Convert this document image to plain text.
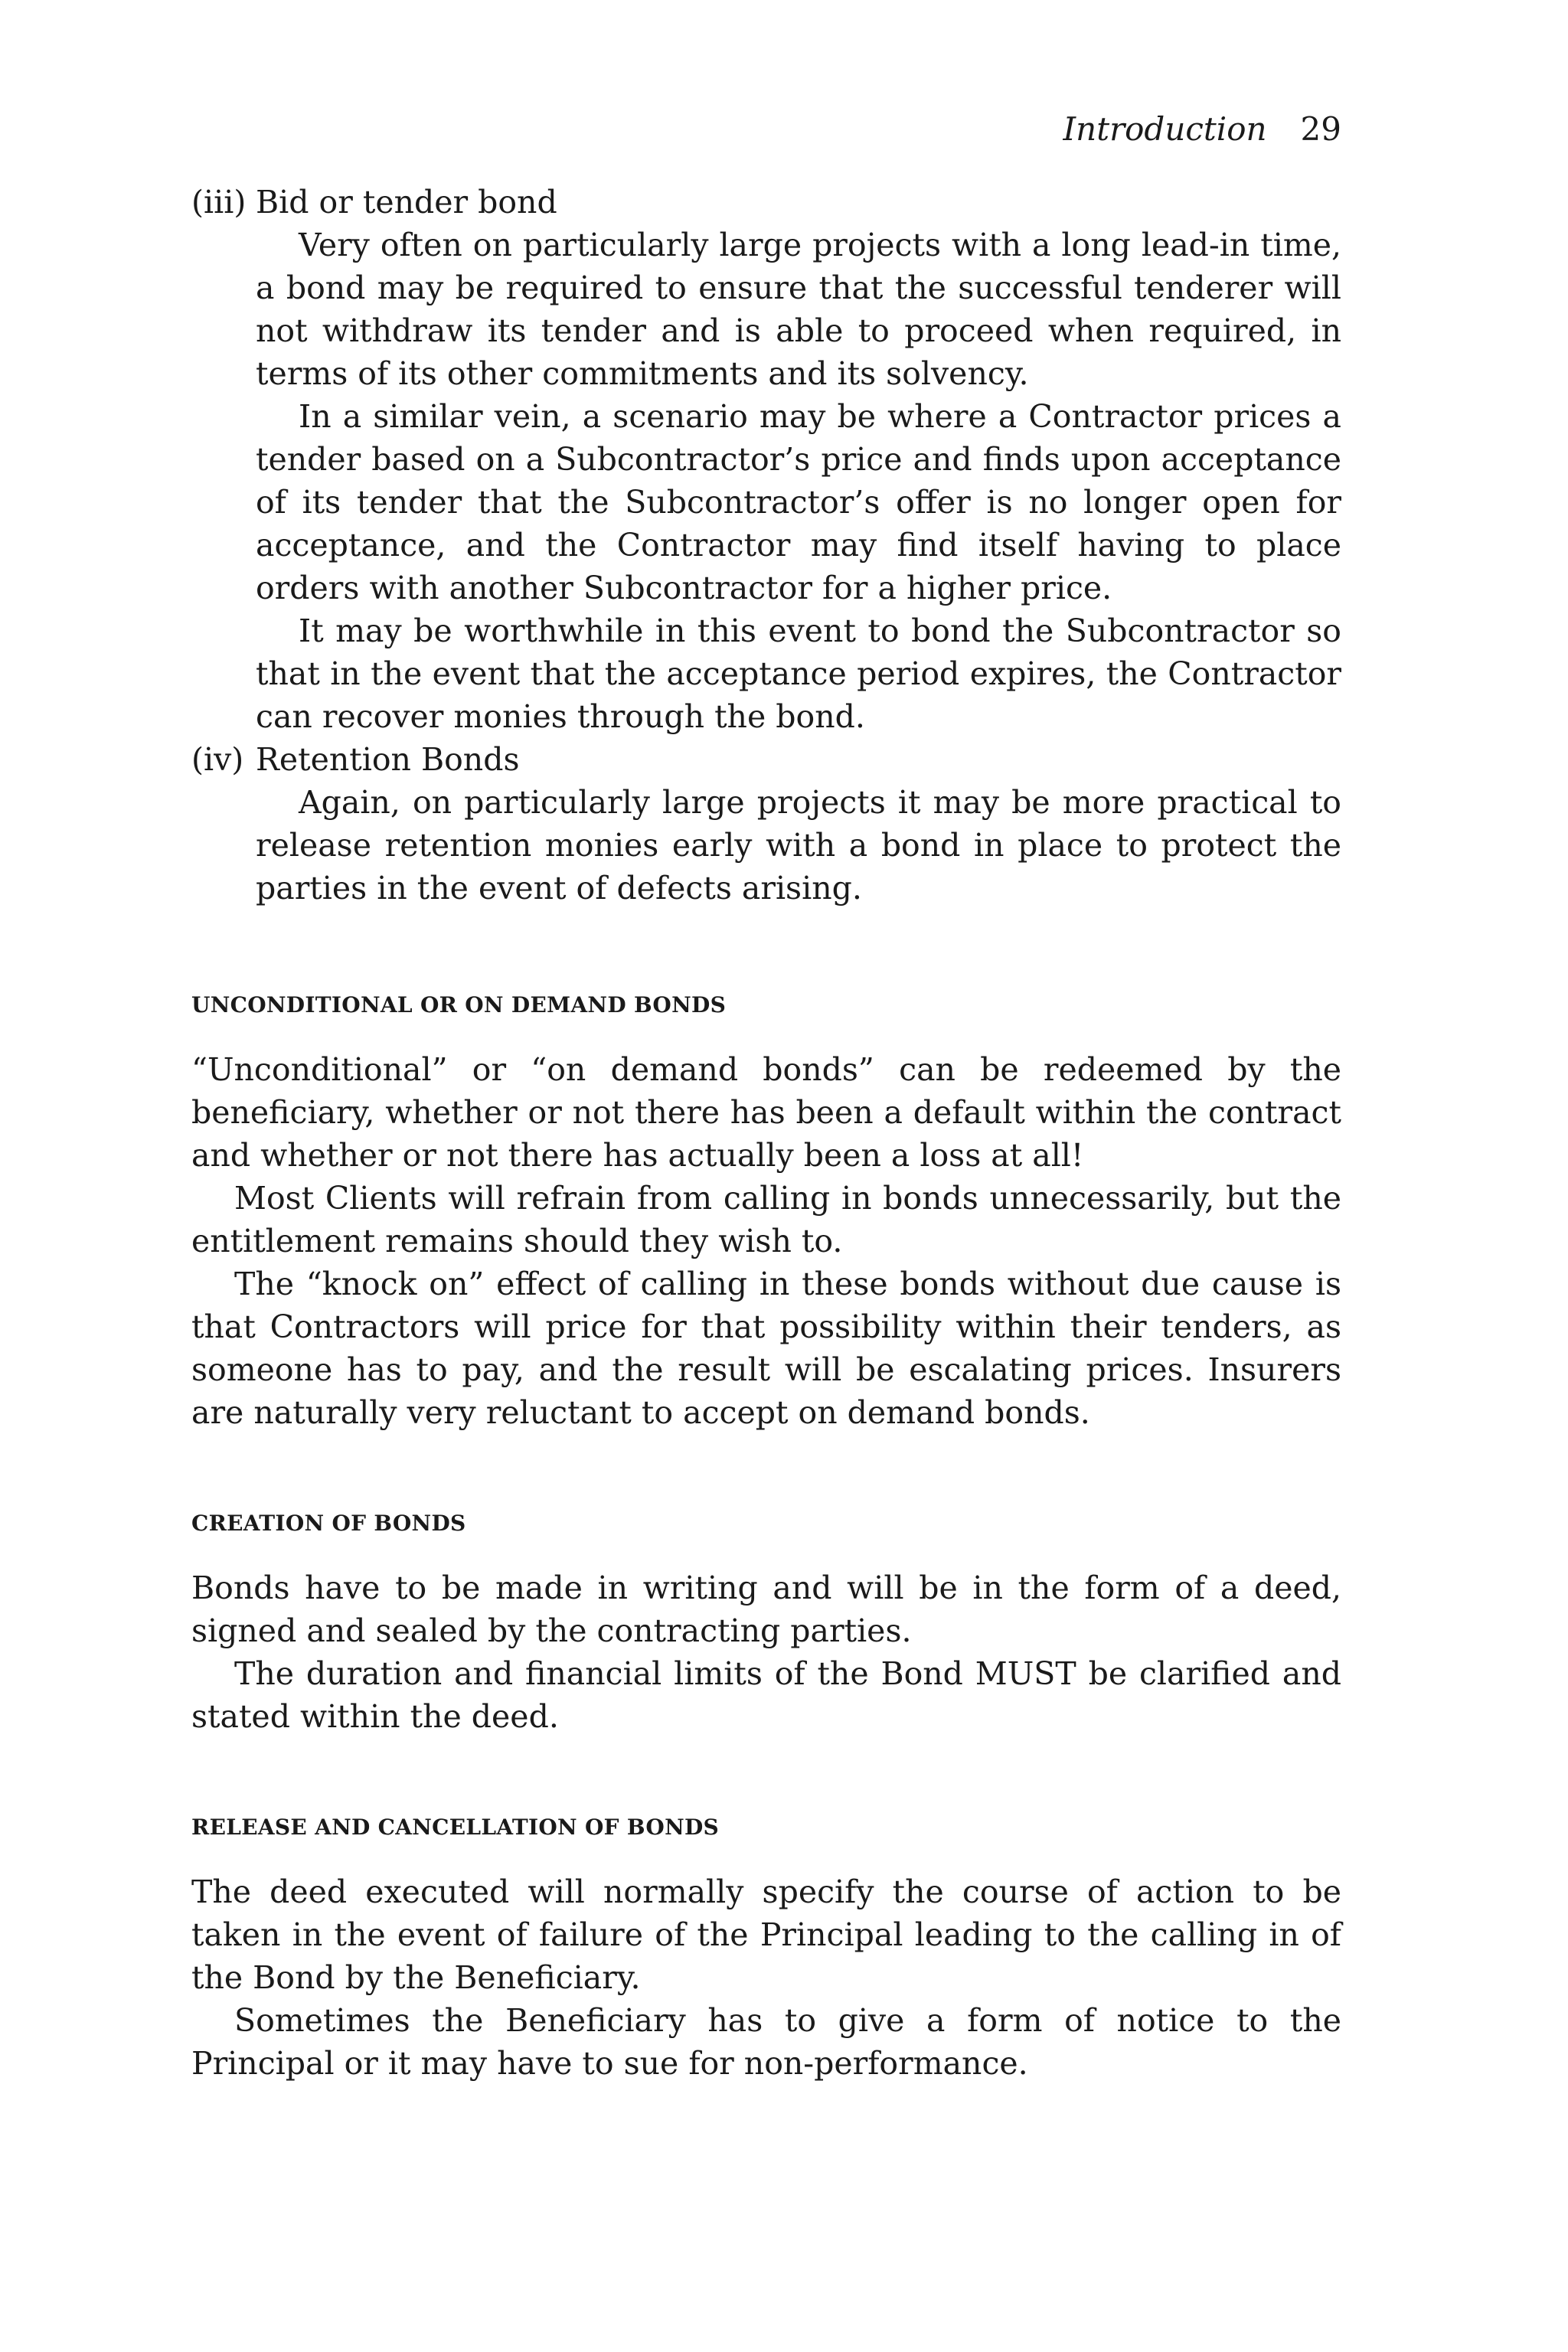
Introduction 29
(iii) Bid or tender bond

Very often on particularly large projects with a long lead-in time, a bond may be required to ensure that the successful tenderer will not withdraw its tender and is able to proceed when required, in terms of its other commitments and its solvency.

In a similar vein, a scenario may be where a Contractor prices a tender based on a Subcontractor’s price and finds upon acceptance of its tender that the Subcontractor’s offer is no longer open for acceptance, and the Contractor may find itself having to place orders with another Subcontractor for a higher price.

It may be worthwhile in this event to bond the Subcontractor so that in the event that the acceptance period expires, the Contractor can recover monies through the bond.

(iv) Retention Bonds

Again, on particularly large projects it may be more practical to release retention monies early with a bond in place to protect the parties in the event of defects arising.

UNCONDITIONAL OR ON DEMAND BONDS

“Unconditional” or “on demand bonds” can be redeemed by the beneficiary, whether or not there has been a default within the contract and whether or not there has actually been a loss at all!

Most Clients will refrain from calling in bonds unnecessarily, but the entitlement remains should they wish to.

The “knock on” effect of calling in these bonds without due cause is that Contractors will price for that possibility within their tenders, as someone has to pay, and the result will be escalating prices. Insurers are naturally very reluctant to accept on demand bonds.

CREATION OF BONDS

Bonds have to be made in writing and will be in the form of a deed, signed and sealed by the contracting parties.

The duration and financial limits of the Bond MUST be clarified and stated within the deed.

RELEASE AND CANCELLATION OF BONDS

The deed executed will normally specify the course of action to be taken in the event of failure of the Principal leading to the calling in of the Bond by the Beneficiary.

Sometimes the Beneficiary has to give a form of notice to the Principal or it may have to sue for non-performance.
